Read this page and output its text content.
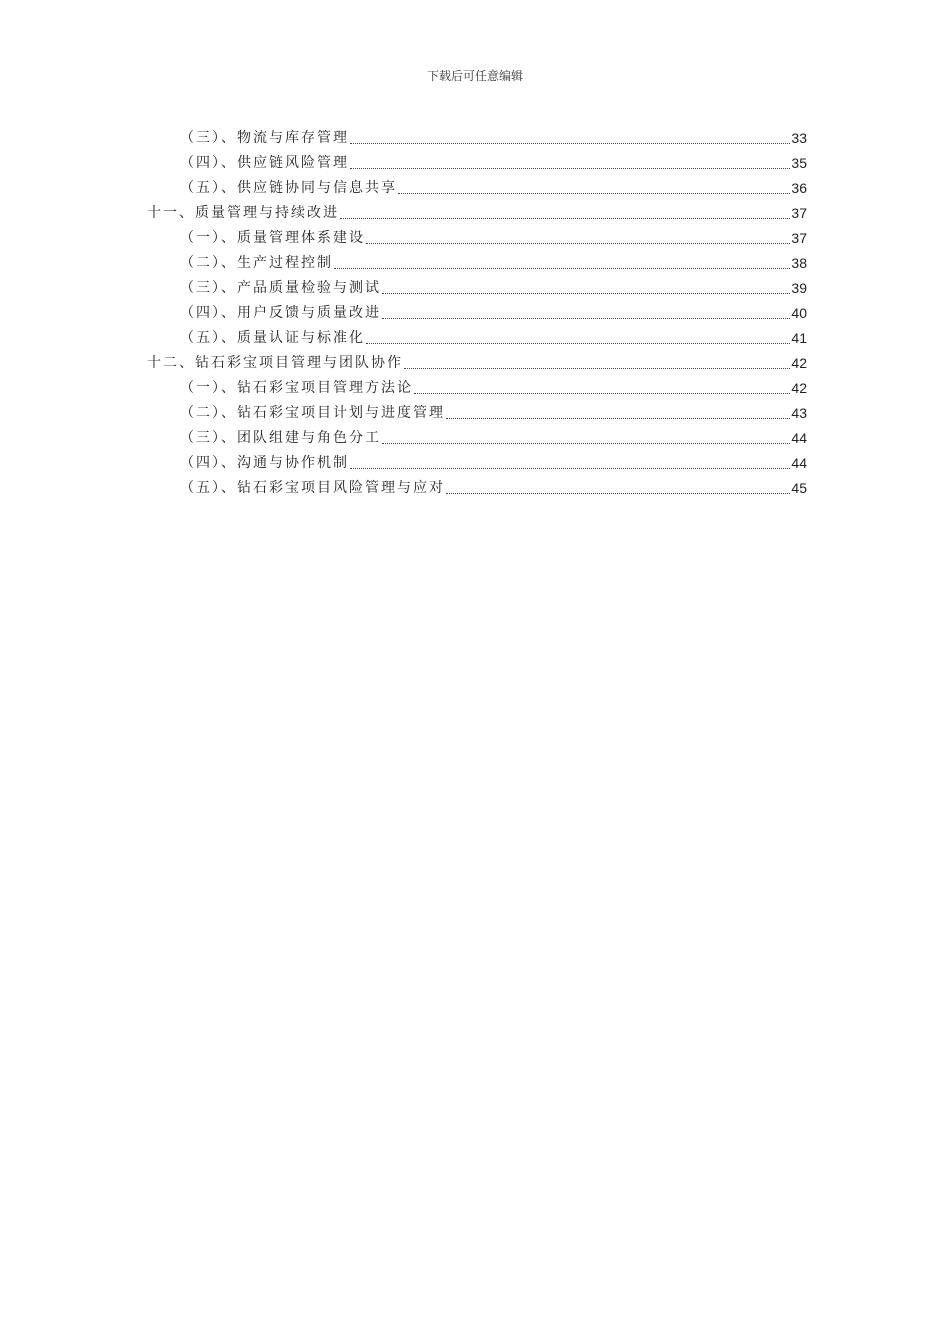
下载后可任意编辑
（三）、物流与库存管理	33
（四）、供应链风险管理	35
（五）、供应链协同与信息共享	36
十一、质量管理与持续改进	37
（一）、质量管理体系建设	37
（二）、生产过程控制	38
（三）、产品质量检验与测试	39
（四）、用户反馈与质量改进	40
（五）、质量认证与标准化	41
十二、钻石彩宝项目管理与团队协作	42
（一）、钻石彩宝项目管理方法论	42
（二）、钻石彩宝项目计划与进度管理	43
（三）、团队组建与角色分工	44
（四）、沟通与协作机制	44
（五）、钻石彩宝项目风险管理与应对	45
